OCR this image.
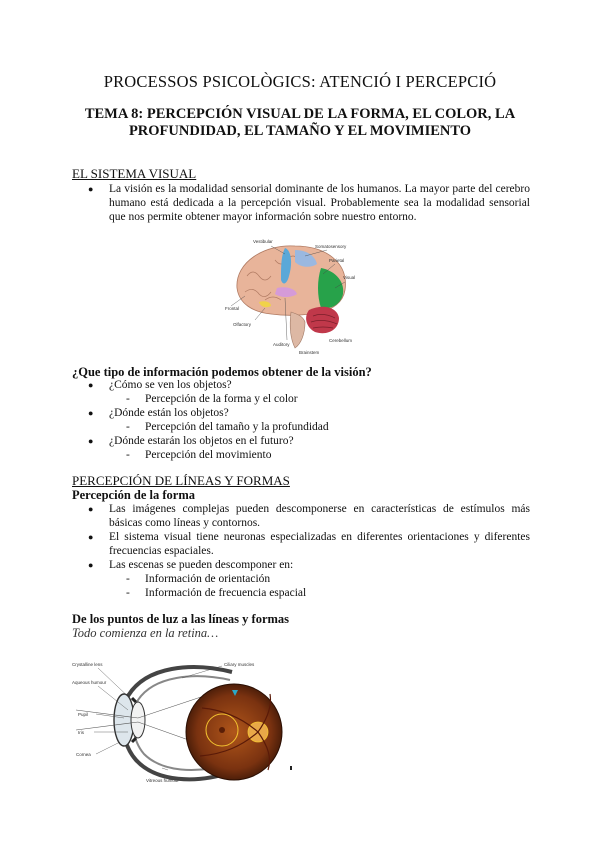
PROCESSOS PSICOLÒGICS: ATENCIÓ I PERCEPCIÓ
TEMA 8: PERCEPCIÓN VISUAL DE LA FORMA, EL COLOR, LA
PROFUNDIDAD, EL TAMAÑO Y EL MOVIMIENTO
EL SISTEMA VISUAL
● La visión es la modalidad sensorial dominante de los humanos. La mayor parte del cerebro humano está dedicada a la percepción visual. Probablemente sea la modalidad sensorial que nos permite obtener mayor información sobre nuestro entorno.
Vestibular
Somatosensory
Parietal
Visual
Olfactory
Auditory
Frontal
Cerebellum
Brainstem
¿Que tipo de información podemos obtener de la visión?
● ¿Cómo se ven los objetos?
- Percepción de la forma y el color
● ¿Dónde están los objetos?
- Percepción del tamaño y la profundidad
● ¿Dónde estarán los objetos en el futuro?
- Percepción del movimiento
PERCEPCIÓN DE LÍNEAS Y FORMAS
Percepción de la forma
● Las imágenes complejas pueden descomponerse en características de estímulos más básicas como líneas y contornos.
● El sistema visual tiene neuronas especializadas en diferentes orientaciones y diferentes frecuencias espaciales.
● Las escenas se pueden descomponer en:
- Información de orientación
- Información de frecuencia espacial
De los puntos de luz a las líneas y formas

Todo comienza en la retina…

Crystalline lens
Aqueous humour
Pupil
Iris
Cornea
Ciliary muscles
Vitreous humour
